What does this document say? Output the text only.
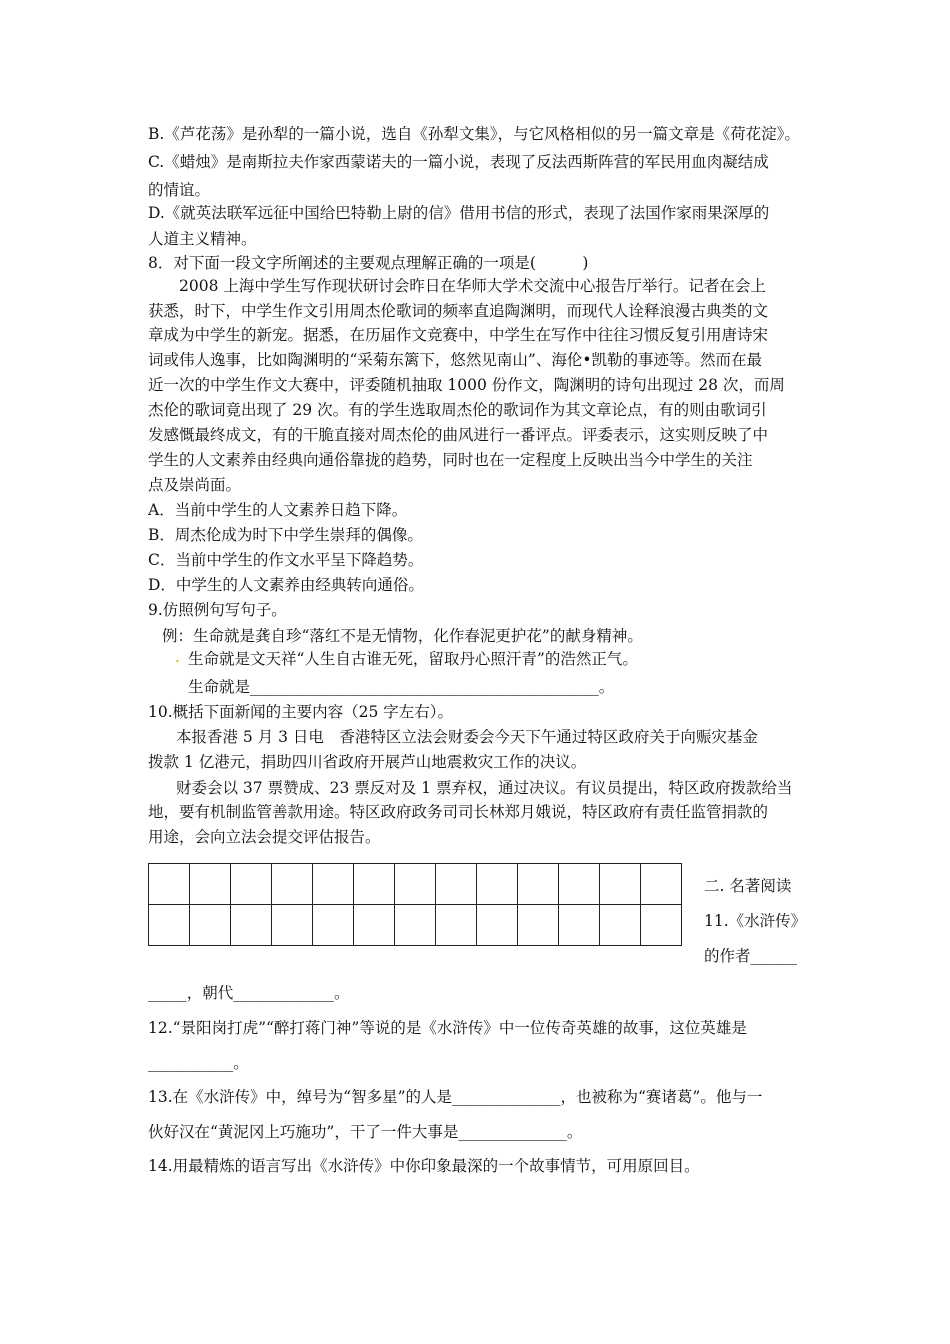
B.《芦花荡》是孙犁的一篇小说，选自《孙犁文集》，与它风格相似的另一篇文章是《荷花淀》。
C.《蜡烛》是南斯拉夫作家西蒙诺夫的一篇小说，表现了反法西斯阵营的军民用血肉凝结成
的情谊。
D.《就英法联军远征中国给巴特勒上尉的信》借用书信的形式，表现了法国作家雨果深厚的
人道主义精神。
8．对下面一段文字所阐述的主要观点理解正确的一项是(　　　)
　　2008 上海中学生写作现状研讨会昨日在华师大学术交流中心报告厅举行。记者在会上
获悉，时下，中学生作文引用周杰伦歌词的频率直追陶渊明，而现代人诠释浪漫古典类的文
章成为中学生的新宠。据悉，在历届作文竞赛中，中学生在写作中往往习惯反复引用唐诗宋
词或伟人逸事，比如陶渊明的“采菊东篱下，悠然见南山”、海伦•凯勒的事迹等。然而在最
近一次的中学生作文大赛中，评委随机抽取 1000 份作文，陶渊明的诗句出现过 28 次，而周
杰伦的歌词竟出现了 29 次。有的学生选取周杰伦的歌词作为其文章论点，有的则由歌词引
发感慨最终成文，有的干脆直接对周杰伦的曲风进行一番评点。评委表示，这实则反映了中
学生的人文素养由经典向通俗靠拢的趋势，同时也在一定程度上反映出当今中学生的关注
点及崇尚面。
A．当前中学生的人文素养日趋下降。
B．周杰伦成为时下中学生崇拜的偶像。
C．当前中学生的作文水平呈下降趋势。
D．中学生的人文素养由经典转向通俗。
9.仿照例句写句子。
例：生命就是龚自珍“落红不是无情物，化作春泥更护花”的献身精神。
. 生命就是文天祥“人生自古谁无死，留取丹心照汗青”的浩然正气。
生命就是_____________________________________________。
10.概括下面新闻的主要内容（25 字左右）。
本报香港 5 月 3 日电　香港特区立法会财委会今天下午通过特区政府关于向赈灾基金
拨款 1 亿港元，捐助四川省政府开展芦山地震救灾工作的决议。
财委会以 37 票赞成、23 票反对及 1 票弃权，通过决议。有议员提出，特区政府拨款给当
地，要有机制监管善款用途。特区政府政务司司长林郑月娥说，特区政府有责任监管捐款的
用途，会向立法会提交评估报告。

二. 名著阅读
11.《水浒传》
的作者______
_____，朝代_____________。
12.“景阳岗打虎”“醉打蒋门神”等说的是《水浒传》中一位传奇英雄的故事，这位英雄是
___________。
13.在《水浒传》中，绰号为“智多星”的人是______________，也被称为“赛诸葛”。他与一
伙好汉在“黄泥冈上巧施功”，干了一件大事是______________。
14.用最精炼的语言写出《水浒传》中你印象最深的一个故事情节，可用原回目。
